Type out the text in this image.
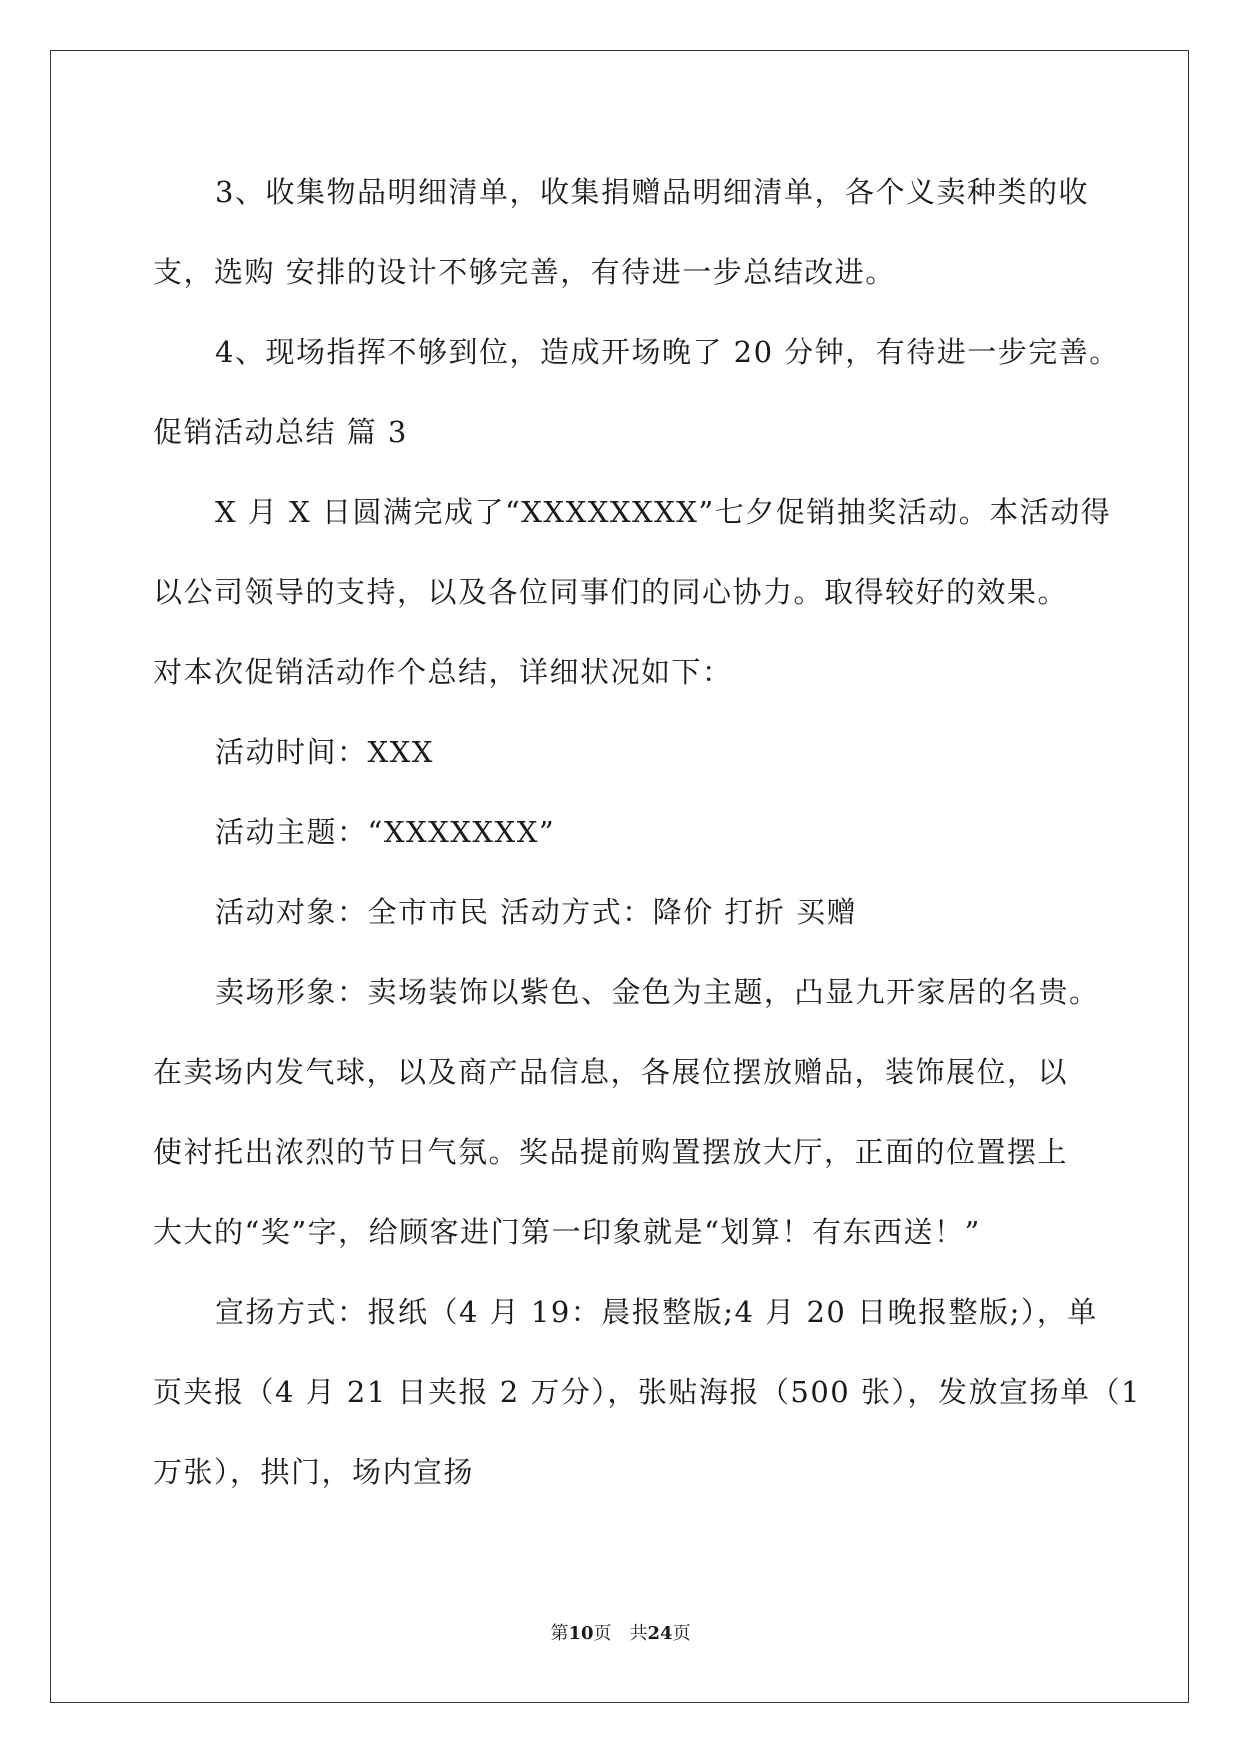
3、收集物品明细清单，收集捐赠品明细清单，各个义卖种类的收
支，选购 安排的设计不够完善，有待进一步总结改进。
4、现场指挥不够到位，造成开场晚了 20 分钟，有待进一步完善。
促销活动总结 篇 3
X 月 X 日圆满完成了“XXXXXXXX”七夕促销抽奖活动。本活动得
以公司领导的支持，以及各位同事们的同心协力。取得较好的效果。
对本次促销活动作个总结，详细状况如下：
活动时间：XXX
活动主题：“XXXXXXX”
活动对象：全市市民 活动方式：降价 打折 买赠
卖场形象：卖场装饰以紫色、金色为主题，凸显九开家居的名贵。
在卖场内发气球，以及商产品信息，各展位摆放赠品，装饰展位，以
使衬托出浓烈的节日气氛。奖品提前购置摆放大厅，正面的位置摆上
大大的“奖”字，给顾客进门第一印象就是“划算！有东西送！”
宣扬方式：报纸（4 月 19：晨报整版;4 月 20 日晚报整版;），单
页夹报（4 月 21 日夹报 2 万分），张贴海报（500 张），发放宣扬单（1
万张），拱门，场内宣扬
第10页 共24页
